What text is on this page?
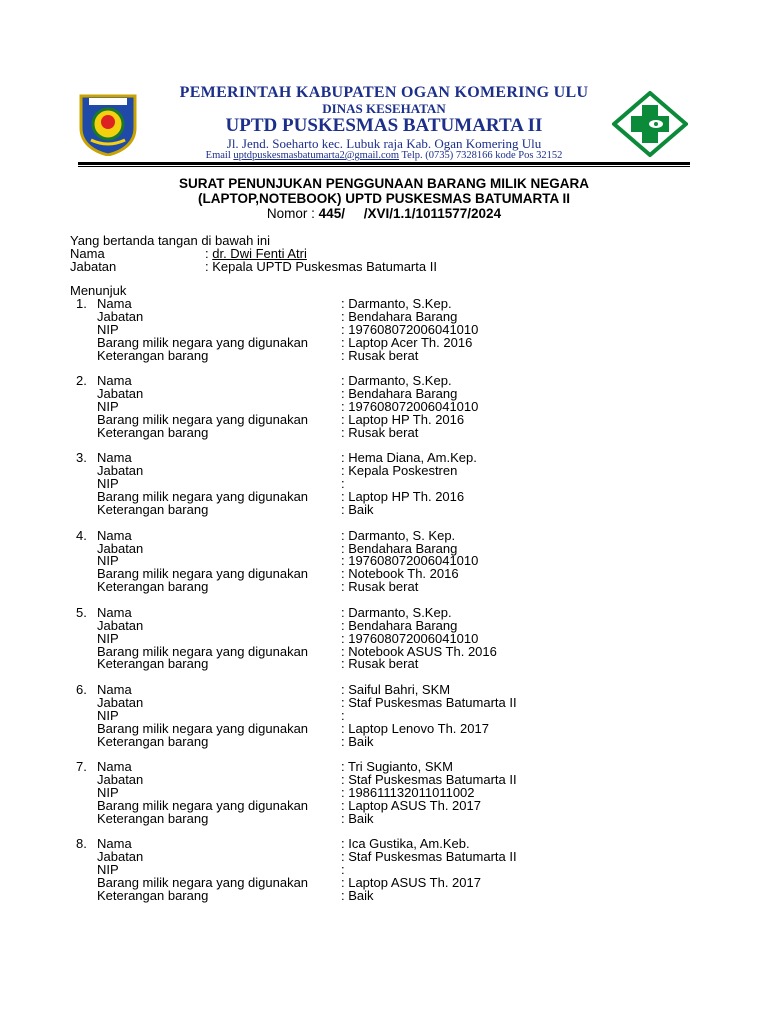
PEMERINTAH KABUPATEN OGAN KOMERING ULU
DINAS KESEHATAN
UPTD PUSKESMAS BATUMARTA II
Jl. Jend. Soeharto kec. Lubuk raja Kab. Ogan Komering Ulu
Email uptdpuskesmasbatumarta2@gmail.com Telp. (0735) 7328166 kode Pos 32152
SURAT PENUNJUKAN PENGGUNAAN BARANG MILIK NEGARA
(LAPTOP,NOTEBOOK) UPTD PUSKESMAS BATUMARTA II
Nomor : 445/     /XVI/1.1/1011577/2024
Yang bertanda tangan di bawah ini
Nama	: dr. Dwi Fenti Atri
Jabatan	: Kepala UPTD Puskesmas Batumarta II
Menunjuk
1. Nama	: Darmanto, S.Kep.
Jabatan	: Bendahara Barang
NIP	: 197608072006041010
Barang milik negara yang digunakan	: Laptop Acer Th. 2016
Keterangan barang	: Rusak berat
2. Nama	: Darmanto, S.Kep.
Jabatan	: Bendahara Barang
NIP	: 197608072006041010
Barang milik negara yang digunakan	: Laptop HP Th. 2016
Keterangan barang	: Rusak berat
3. Nama	: Hema Diana, Am.Kep.
Jabatan	: Kepala Poskestren
NIP	:
Barang milik negara yang digunakan	: Laptop HP Th. 2016
Keterangan barang	: Baik
4. Nama	: Darmanto, S. Kep.
Jabatan	: Bendahara Barang
NIP	: 197608072006041010
Barang milik negara yang digunakan	: Notebook Th. 2016
Keterangan barang	: Rusak berat
5. Nama	: Darmanto, S.Kep.
Jabatan	: Bendahara Barang
NIP	: 197608072006041010
Barang milik negara yang digunakan	: Notebook ASUS Th. 2016
Keterangan barang	: Rusak berat
6. Nama	: Saiful Bahri, SKM
Jabatan	: Staf Puskesmas Batumarta II
NIP	:
Barang milik negara yang digunakan	: Laptop Lenovo Th. 2017
Keterangan barang	: Baik
7. Nama	: Tri Sugianto, SKM
Jabatan	: Staf Puskesmas Batumarta II
NIP	: 198611132011011002
Barang milik negara yang digunakan	: Laptop ASUS Th. 2017
Keterangan barang	: Baik
8. Nama	: Ica Gustika, Am.Keb.
Jabatan	: Staf Puskesmas Batumarta II
NIP	:
Barang milik negara yang digunakan	: Laptop ASUS Th. 2017
Keterangan barang	: Baik
